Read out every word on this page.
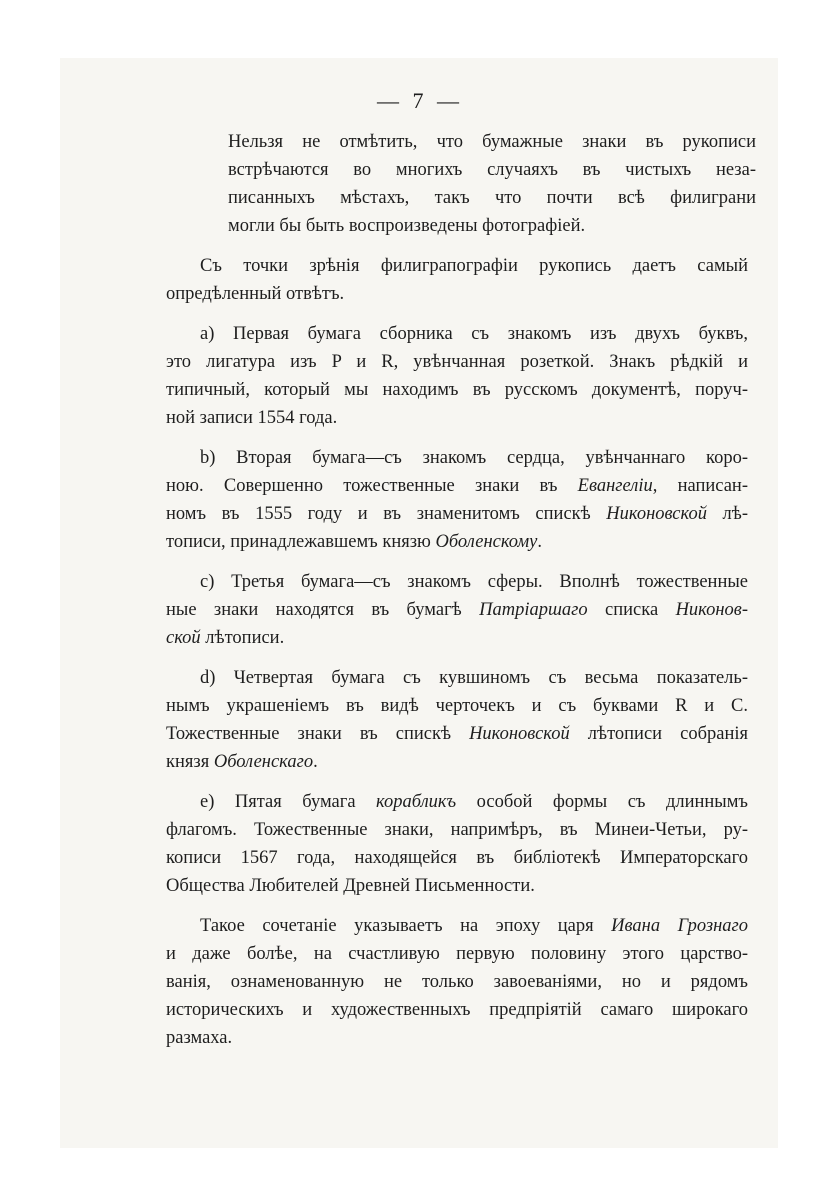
— 7 —
Нельзя не отмѣтить, что бумажные знаки въ рукописи
встрѣчаются во многихъ случаяхъ въ чистыхъ неза-
писанныхъ мѣстахъ, такъ что почти всѣ филиграни
могли бы быть воспроизведены фотографіей.
Съ точки зрѣнія филиграпографіи рукопись даетъ самый
опредѣленный отвѣтъ.
a) Первая бумага сборника съ знакомъ изъ двухъ буквъ,
это лигатура изъ P и R, увѣнчанная розеткой. Знакъ рѣдкій и
типичный, который мы находимъ въ русскомъ документѣ, поруч-
ной записи 1554 года.
b) Вторая бумага—съ знакомъ сердца, увѣнчаннаго коро-
ною. Совершенно тожественные знаки въ Евангеліи, написан-
номъ въ 1555 году и въ знаменитомъ спискѣ Никоновской лѣ-
тописи, принадлежавшемъ князю Оболенскому.
c) Третья бумага—съ знакомъ сферы. Вполнѣ тожественные
ные знаки находятся въ бумагѣ Патріаршаго списка Никонов-
ской лѣтописи.
d) Четвертая бумага съ кувшиномъ съ весьма показатель-
нымъ украшеніемъ въ видѣ черточекъ и съ буквами R и C.
Тожественные знаки въ спискѣ Никоновской лѣтописи собранія
князя Оболенскаго.
e) Пятая бумага корабликъ особой формы съ длиннымъ
флагомъ. Тожественные знаки, напримѣръ, въ Минеи-Четьи, ру-
кописи 1567 года, находящейся въ библіотекѣ Императорскаго
Общества Любителей Древней Письменности.
Такое сочетаніе указываетъ на эпоху царя Ивана Грознаго
и даже болѣе, на счастливую первую половину этого царство-
ванія, ознаменованную не только завоеваніями, но и рядомъ
историческихъ и художественныхъ предпріятій самаго широкаго
размаха.
